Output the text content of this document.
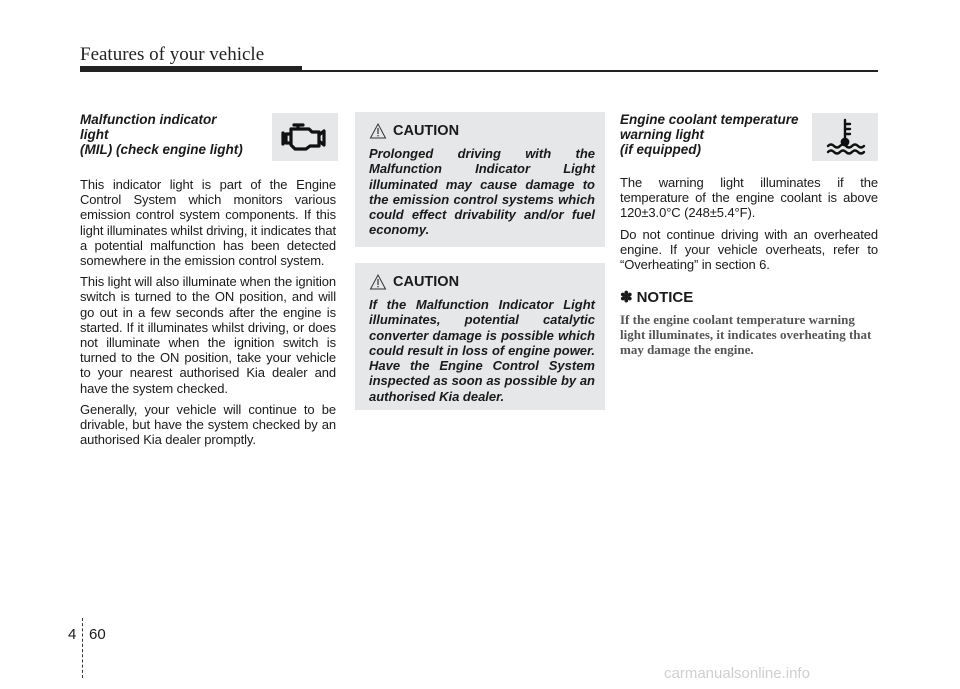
Features of your vehicle
Malfunction indicator light
(MIL) (check engine light)

This indicator light is part of the Engine Control System which monitors various emission control system components. If this light illuminates whilst driving, it indicates that a potential malfunction has been detected somewhere in the emission control system.

This light will also illuminate when the ignition switch is turned to the ON position, and will go out in a few seconds after the engine is started. If it illuminates whilst driving, or does not illuminate when the ignition switch is turned to the ON position, take your vehicle to your nearest authorised Kia dealer and have the system checked.

Generally, your vehicle will continue to be drivable, but have the system checked by an authorised Kia dealer promptly.

CAUTION

Prolonged driving with the Malfunction Indicator Light illuminated may cause damage to the emission control systems which could effect drivability and/or fuel economy.

CAUTION

If the Malfunction Indicator Light illuminates, potential catalytic converter damage is possible which could result in loss of engine power. Have the Engine Control System inspected as soon as possible by an authorised Kia dealer.

Engine coolant temperature warning light
(if equipped)

The warning light illuminates if the temperature of the engine coolant is above 120±3.0°C (248±5.4°F).

Do not continue driving with an overheated engine. If your vehicle overheats, refer to “Overheating” in section 6.

✽ NOTICE

If the engine coolant temperature warning light illuminates, it indicates overheating that may damage the engine.

4 60
carmanualsonline.info
